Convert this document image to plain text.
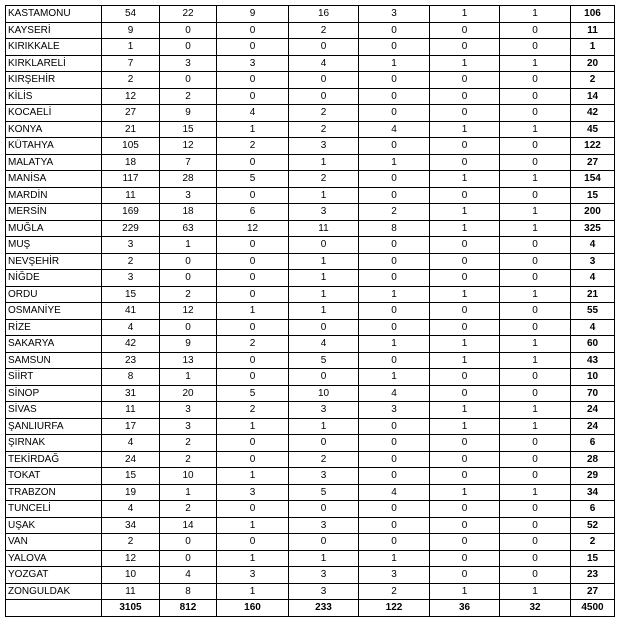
KASTAMONU	54	22	9	16	3	1	1	106
KAYSERİ	9	0	0	2	0	0	0	11
KIRIKKALE	1	0	0	0	0	0	0	1
KIRKLARELİ	7	3	3	4	1	1	1	20
KIRŞEHİR	2	0	0	0	0	0	0	2
KİLİS	12	2	0	0	0	0	0	14
KOCAELİ	27	9	4	2	0	0	0	42
KONYA	21	15	1	2	4	1	1	45
KÜTAHYA	105	12	2	3	0	0	0	122
MALATYA	18	7	0	1	1	0	0	27
MANİSA	117	28	5	2	0	1	1	154
MARDİN	11	3	0	1	0	0	0	15
MERSİN	169	18	6	3	2	1	1	200
MUĞLA	229	63	12	11	8	1	1	325
MUŞ	3	1	0	0	0	0	0	4
NEVŞEHİR	2	0	0	1	0	0	0	3
NİĞDE	3	0	0	1	0	0	0	4
ORDU	15	2	0	1	1	1	1	21
OSMANİYE	41	12	1	1	0	0	0	55
RİZE	4	0	0	0	0	0	0	4
SAKARYA	42	9	2	4	1	1	1	60
SAMSUN	23	13	0	5	0	1	1	43
SİİRT	8	1	0	0	1	0	0	10
SİNOP	31	20	5	10	4	0	0	70
SİVAS	11	3	2	3	3	1	1	24
ŞANLIURFA	17	3	1	1	0	1	1	24
ŞIRNAK	4	2	0	0	0	0	0	6
TEKİRDAĞ	24	2	0	2	0	0	0	28
TOKAT	15	10	1	3	0	0	0	29
TRABZON	19	1	3	5	4	1	1	34
TUNCELİ	4	2	0	0	0	0	0	6
UŞAK	34	14	1	3	0	0	0	52
VAN	2	0	0	0	0	0	0	2
YALOVA	12	0	1	1	1	0	0	15
YOZGAT	10	4	3	3	3	0	0	23
ZONGULDAK	11	8	1	3	2	1	1	27
	3105	812	160	233	122	36	32	4500
